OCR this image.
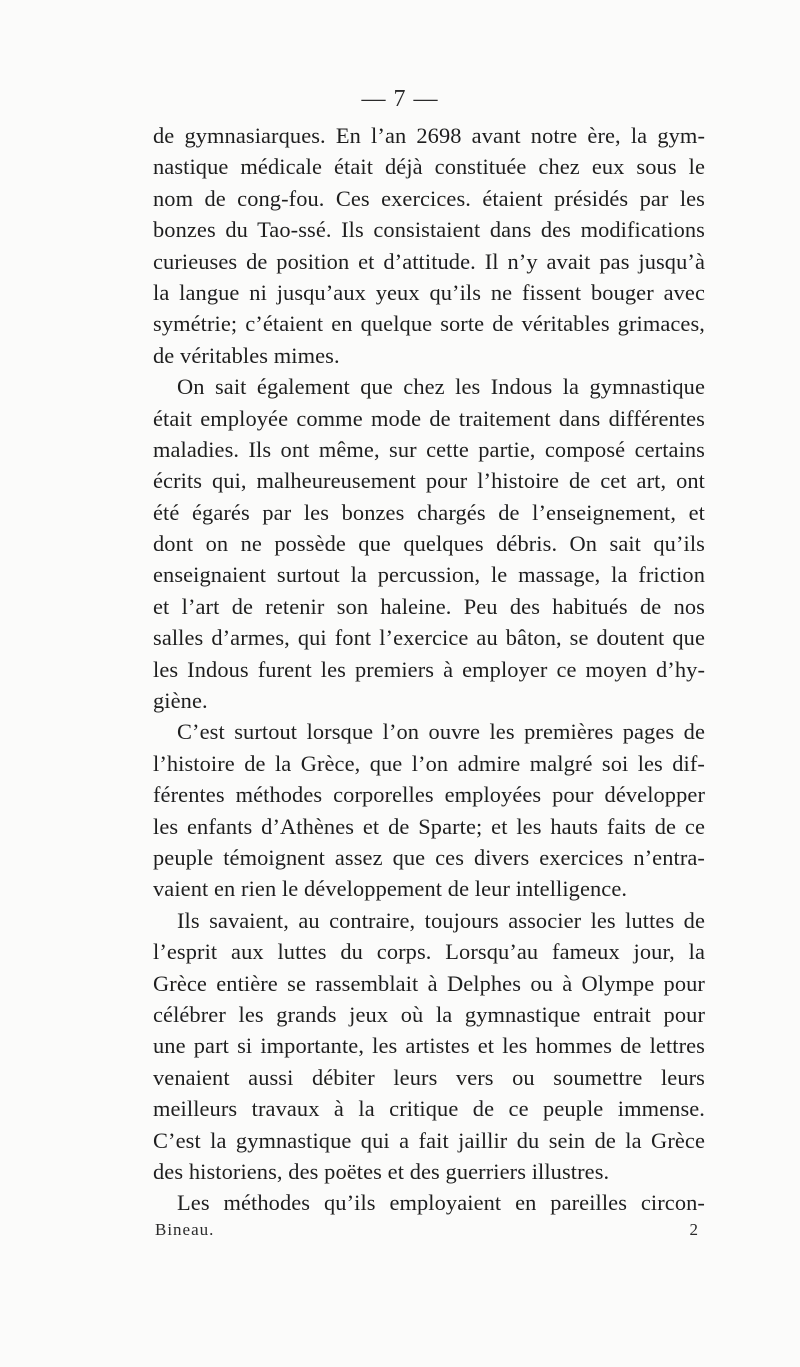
— 7 —
de gymnasiarques. En l’an 2698 avant notre ère, la gym-
nastique médicale était déjà constituée chez eux sous le
nom de cong-fou. Ces exercices. étaient présidés par les
bonzes du Tao-ssé. Ils consistaient dans des modifications
curieuses de position et d’attitude. Il n’y avait pas jusqu’à
la langue ni jusqu’aux yeux qu’ils ne fissent bouger avec
symétrie; c’étaient en quelque sorte de véritables grimaces,
de véritables mimes.
On sait également que chez les Indous la gymnastique
était employée comme mode de traitement dans différentes
maladies. Ils ont même, sur cette partie, composé certains
écrits qui, malheureusement pour l’histoire de cet art, ont
été égarés par les bonzes chargés de l’enseignement, et
dont on ne possède que quelques débris. On sait qu’ils
enseignaient surtout la percussion, le massage, la friction
et l’art de retenir son haleine. Peu des habitués de nos
salles d’armes, qui font l’exercice au bâton, se doutent que
les Indous furent les premiers à employer ce moyen d’hy-
giène.
C’est surtout lorsque l’on ouvre les premières pages de
l’histoire de la Grèce, que l’on admire malgré soi les dif-
férentes méthodes corporelles employées pour développer
les enfants d’Athènes et de Sparte; et les hauts faits de ce
peuple témoignent assez que ces divers exercices n’entra-
vaient en rien le développement de leur intelligence.
Ils savaient, au contraire, toujours associer les luttes de
l’esprit aux luttes du corps. Lorsqu’au fameux jour, la
Grèce entière se rassemblait à Delphes ou à Olympe pour
célébrer les grands jeux où la gymnastique entrait pour
une part si importante, les artistes et les hommes de lettres
venaient aussi débiter leurs vers ou soumettre leurs
meilleurs travaux à la critique de ce peuple immense.
C’est la gymnastique qui a fait jaillir du sein de la Grèce
des historiens, des poëtes et des guerriers illustres.
Les méthodes qu’ils employaient en pareilles circon-
Bineau.	2
